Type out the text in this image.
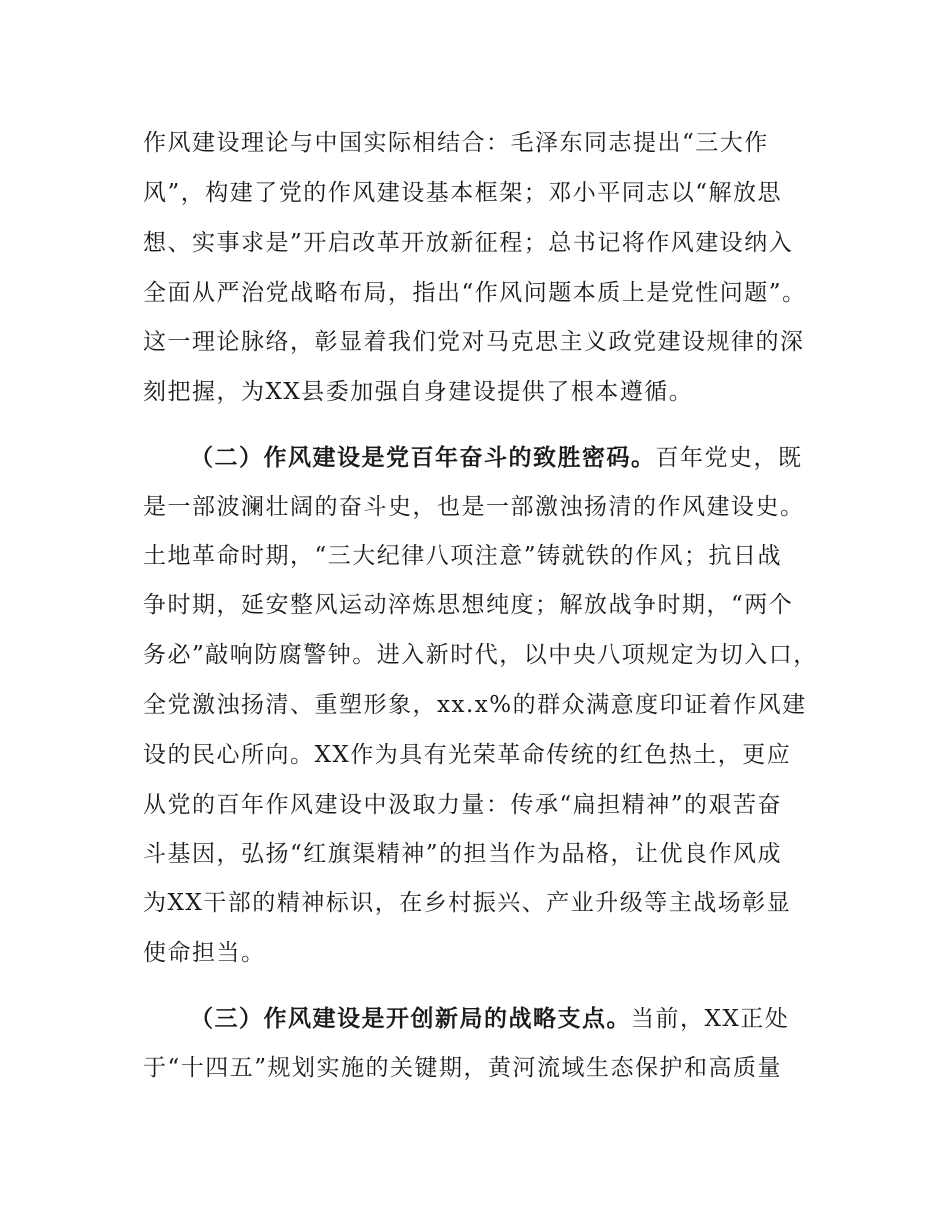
作风建设理论与中国实际相结合：毛泽东同志提出“三大作
风”，构建了党的作风建设基本框架；邓小平同志以“解放思
想、实事求是”开启改革开放新征程；总书记将作风建设纳入
全面从严治党战略布局，指出“作风问题本质上是党性问题”。
这一理论脉络，彰显着我们党对马克思主义政党建设规律的深
刻把握，为XX县委加强自身建设提供了根本遵循。
（二）作风建设是党百年奋斗的致胜密码。百年党史，既
是一部波澜壮阔的奋斗史，也是一部激浊扬清的作风建设史。
土地革命时期，“三大纪律八项注意”铸就铁的作风；抗日战
争时期，延安整风运动淬炼思想纯度；解放战争时期，“两个
务必”敲响防腐警钟。进入新时代，以中央八项规定为切入口，
全党激浊扬清、重塑形象，xx.x%的群众满意度印证着作风建
设的民心所向。XX作为具有光荣革命传统的红色热土，更应
从党的百年作风建设中汲取力量：传承“扁担精神”的艰苦奋
斗基因，弘扬“红旗渠精神”的担当作为品格，让优良作风成
为XX干部的精神标识，在乡村振兴、产业升级等主战场彰显
使命担当。
（三）作风建设是开创新局的战略支点。当前，XX正处
于“十四五”规划实施的关键期，黄河流域生态保护和高质量
